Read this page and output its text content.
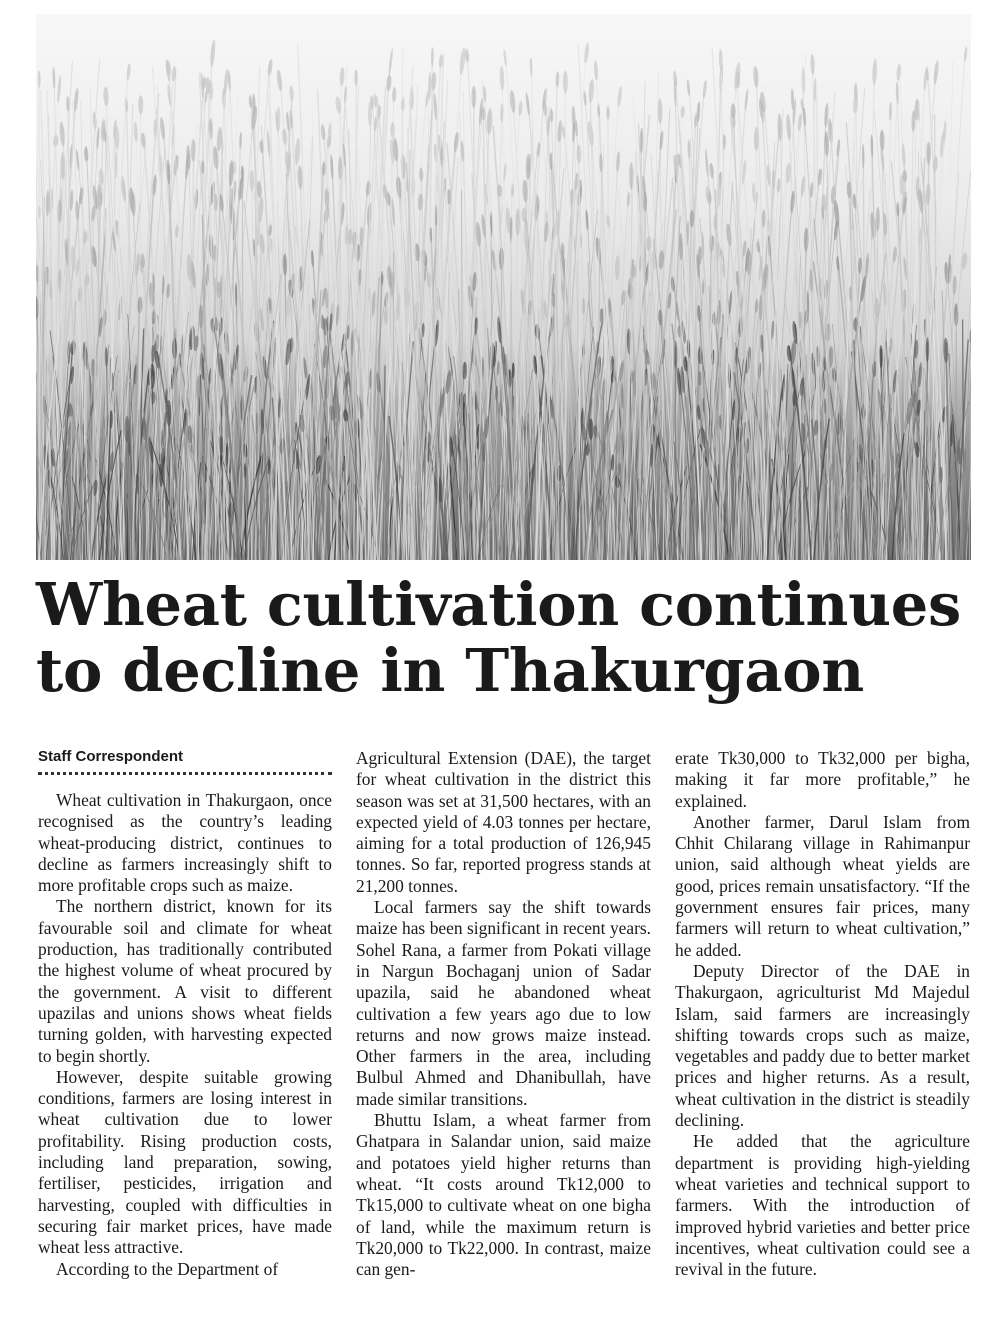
Wheat cultivation continues to decline in Thakurgaon
Staff Correspondent

Wheat cultivation in Thakurgaon, once recognised as the country’s leading wheat-producing district, continues to decline as farmers increasingly shift to more profitable crops such as maize.

The northern district, known for its favourable soil and climate for wheat production, has traditionally contributed the highest volume of wheat procured by the government. A visit to different upazilas and unions shows wheat fields turning golden, with harvesting expected to begin shortly.

However, despite suitable growing conditions, farmers are losing interest in wheat cultivation due to lower profitability. Rising production costs, including land preparation, sowing, fertiliser, pesticides, irrigation and harvesting, coupled with difficulties in securing fair market prices, have made wheat less attractive.

According to the Department of

Agricultural Extension (DAE), the target for wheat cultivation in the district this season was set at 31,500 hectares, with an expected yield of 4.03 tonnes per hectare, aiming for a total production of 126,945 tonnes. So far, reported progress stands at 21,200 tonnes.

Local farmers say the shift towards maize has been significant in recent years. Sohel Rana, a farmer from Pokati village in Nargun Bochaganj union of Sadar upazila, said he abandoned wheat cultivation a few years ago due to low returns and now grows maize instead. Other farmers in the area, including Bulbul Ahmed and Dhanibullah, have made similar transitions.

Bhuttu Islam, a wheat farmer from Ghatpara in Salandar union, said maize and potatoes yield higher returns than wheat. “It costs around Tk12,000 to Tk15,000 to cultivate wheat on one bigha of land, while the maximum return is Tk20,000 to Tk22,000. In contrast, maize can gen-

erate Tk30,000 to Tk32,000 per bigha, making it far more profitable,” he explained.

Another farmer, Darul Islam from Chhit Chilarang village in Rahimanpur union, said although wheat yields are good, prices remain unsatisfactory. “If the government ensures fair prices, many farmers will return to wheat cultivation,” he added.

Deputy Director of the DAE in Thakurgaon, agriculturist Md Majedul Islam, said farmers are increasingly shifting towards crops such as maize, vegetables and paddy due to better market prices and higher returns. As a result, wheat cultivation in the district is steadily declining.

He added that the agriculture department is providing high-yielding wheat varieties and technical support to farmers. With the introduction of improved hybrid varieties and better price incentives, wheat cultivation could see a revival in the future.
